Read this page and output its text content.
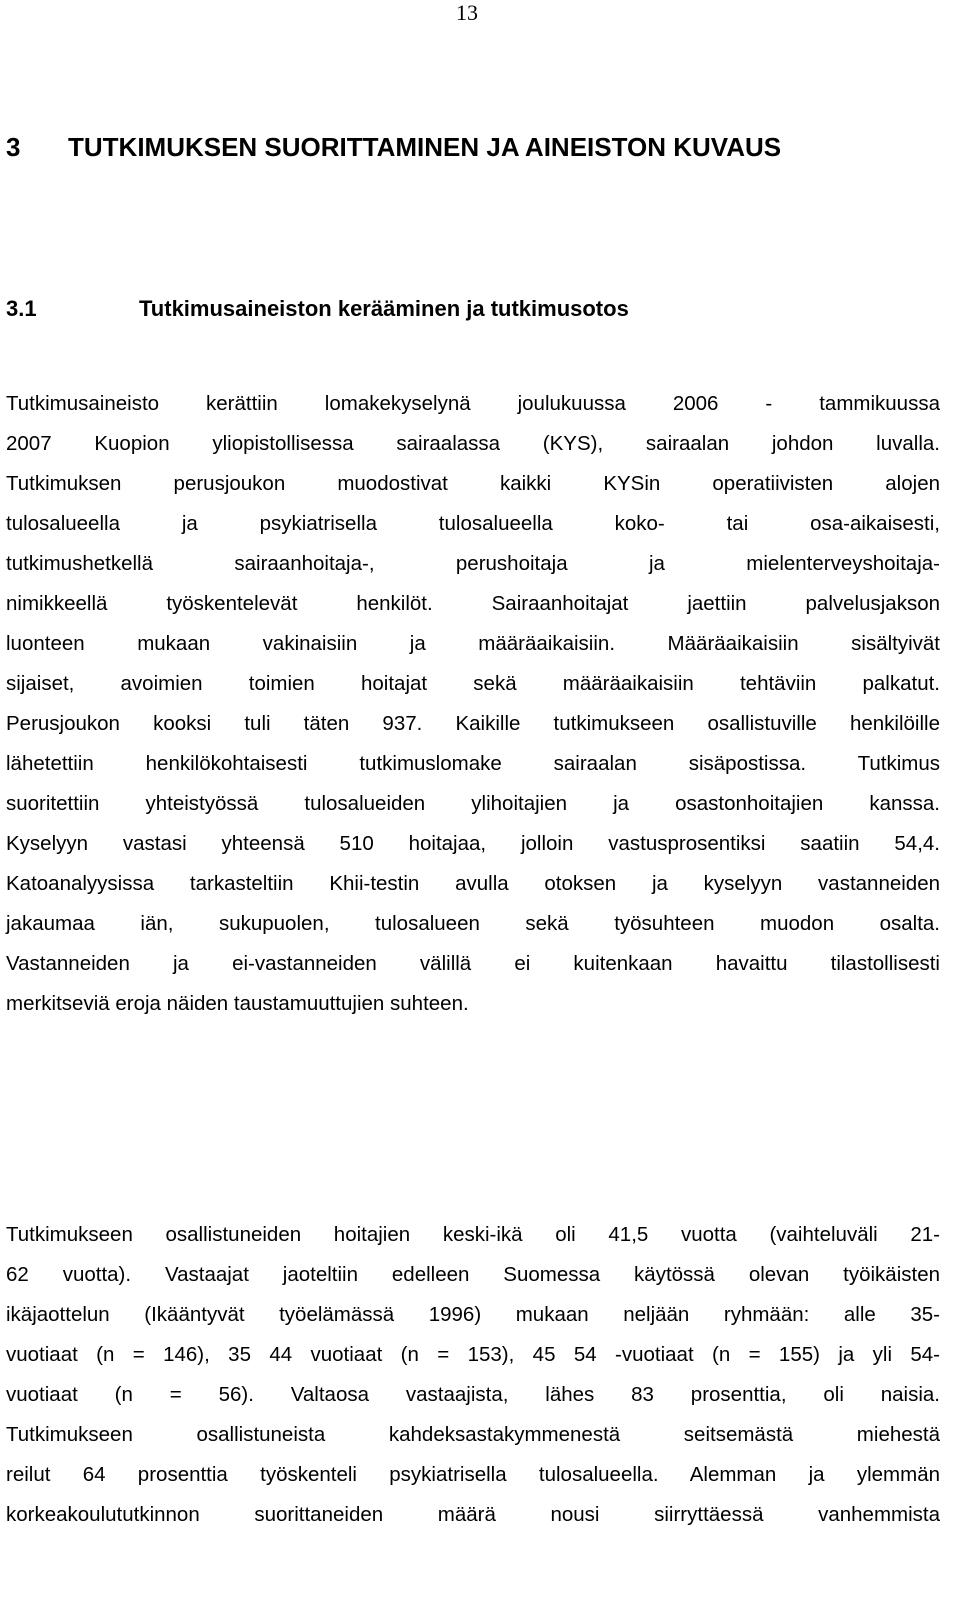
13
3 TUTKIMUKSEN SUORITTAMINEN JA AINEISTON KUVAUS
3.1	Tutkimusaineiston kerääminen ja tutkimusotos
Tutkimusaineisto kerättiin lomakekyselynä joulukuussa 2006 - tammikuussa
2007 Kuopion yliopistollisessa sairaalassa (KYS), sairaalan johdon luvalla.
Tutkimuksen perusjoukon muodostivat kaikki KYSin operatiivisten alojen
tulosalueella ja psykiatrisella tulosalueella koko- tai osa-aikaisesti,
tutkimushetkellä sairaanhoitaja-, perushoitaja ja mielenterveyshoitaja-
nimikkeellä työskentelevät henkilöt. Sairaanhoitajat jaettiin palvelusjakson
luonteen mukaan vakinaisiin ja määräaikaisiin. Määräaikaisiin sisältyivät
sijaiset, avoimien toimien hoitajat sekä määräaikaisiin tehtäviin palkatut.
Perusjoukon kooksi tuli täten 937. Kaikille tutkimukseen osallistuville henkilöille
lähetettiin henkilökohtaisesti tutkimuslomake sairaalan sisäpostissa. Tutkimus
suoritettiin yhteistyössä tulosalueiden ylihoitajien ja osastonhoitajien kanssa.
Kyselyyn vastasi yhteensä 510 hoitajaa, jolloin vastusprosentiksi saatiin 54,4.
Katoanalyysissa tarkasteltiin Khii-testin avulla otoksen ja kyselyyn vastanneiden
jakaumaa iän, sukupuolen, tulosalueen sekä työsuhteen muodon osalta.
Vastanneiden ja ei-vastanneiden välillä ei kuitenkaan havaittu tilastollisesti
merkitseviä eroja näiden taustamuuttujien suhteen.
Tutkimukseen osallistuneiden hoitajien keski-ikä oli 41,5 vuotta (vaihteluväli 21-
62 vuotta). Vastaajat jaoteltiin edelleen Suomessa käytössä olevan työikäisten
ikäjaottelun (Ikääntyvät työelämässä 1996) mukaan neljään ryhmään: alle 35-
vuotiaat (n = 146), 35 44 vuotiaat (n = 153), 45 54 -vuotiaat (n = 155) ja yli 54-
vuotiaat (n = 56). Valtaosa vastaajista, lähes 83 prosenttia, oli naisia.
Tutkimukseen osallistuneista kahdeksastakymmenestä seitsemästä miehestä
reilut 64 prosenttia työskenteli psykiatrisella tulosalueella. Alemman ja ylemmän
korkeakoulututkinnon suorittaneiden määrä nousi siirryttäessä vanhemmista
